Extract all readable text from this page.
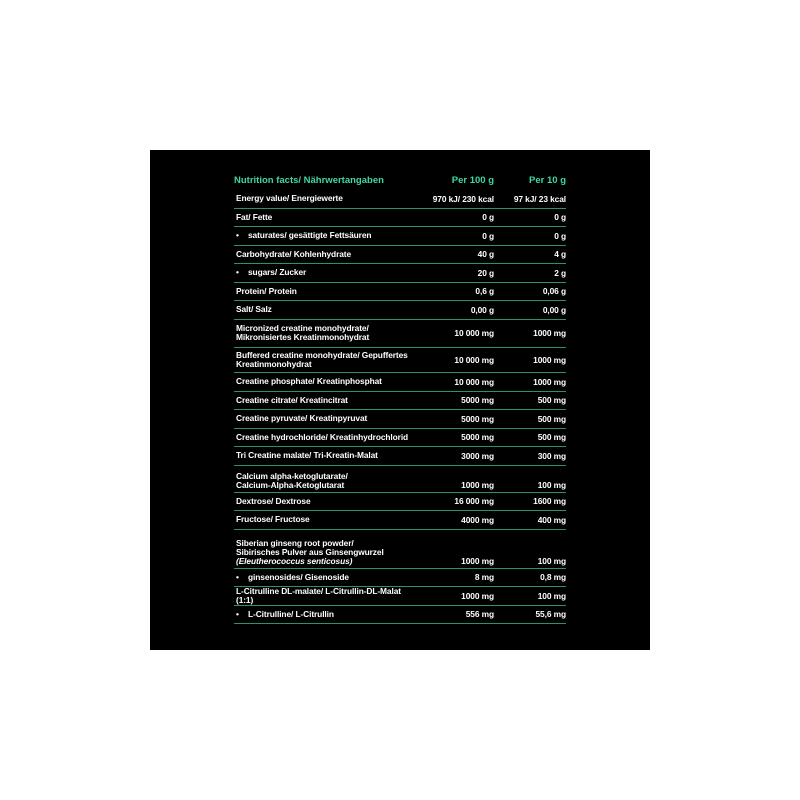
Nutrition facts/ Nährwertangaben	Per 100 g	Per 10 g
Energy value/ Energiewerte	970 kJ/ 230 kcal	97 kJ/ 23 kcal
Fat/ Fette	0 g	0 g
•	saturates/ gesättigte Fettsäuren	0 g	0 g
Carbohydrate/ Kohlenhydrate	40 g	4 g
•	sugars/ Zucker	20 g	2 g
Protein/ Protein	0,6 g	0,06 g
Salt/ Salz	0,00 g	0,00 g
Micronized creatine monohydrate/
Mikronisiertes Kreatinmonohydrat	10 000 mg	1000 mg
Buffered creatine monohydrate/ Gepuffertes
Kreatinmonohydrat	10 000 mg	1000 mg
Creatine phosphate/ Kreatinphosphat	10 000 mg	1000 mg
Creatine citrate/ Kreatincitrat	5000 mg	500 mg
Creatine pyruvate/ Kreatinpyruvat	5000 mg	500 mg
Creatine hydrochloride/ Kreatinhydrochlorid	5000 mg	500 mg
Tri Creatine malate/ Tri-Kreatin-Malat	3000 mg	300 mg
Calcium alpha-ketoglutarate/
Calcium-Alpha-Ketoglutarat	1000 mg	100 mg
Dextrose/ Dextrose	16 000 mg	1600 mg
Fructose/ Fructose	4000 mg	400 mg
Siberian ginseng root powder/
Sibirisches Pulver aus Ginsengwurzel
(Eleutherococcus senticosus)	1000 mg	100 mg
•	ginsenosides/ Gisenoside	8 mg	0,8 mg
L-Citrulline DL-malate/ L-Citrullin-DL-Malat (1:1)	1000 mg	100 mg
•	L-Citrulline/ L-Citrullin	556 mg	55,6 mg
